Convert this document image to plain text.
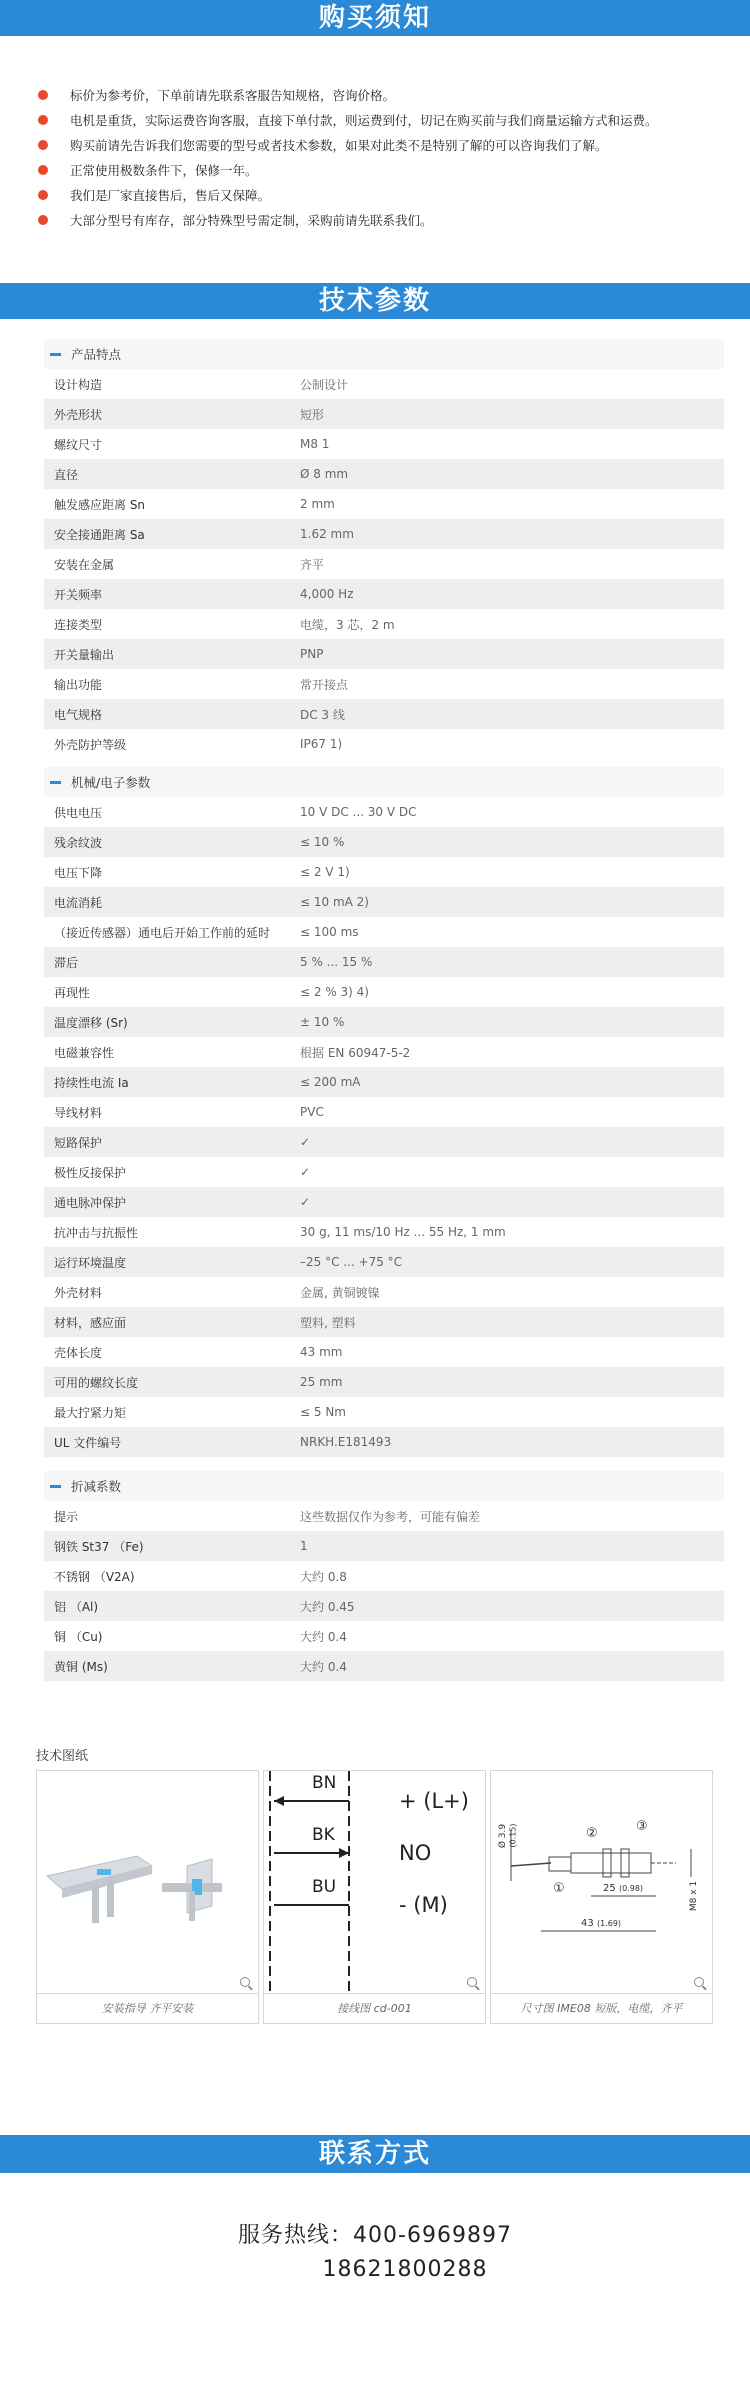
购买须知
标价为参考价，下单前请先联系客服告知规格，咨询价格。
电机是重货，实际运费咨询客服，直接下单付款，则运费到付，切记在购买前与我们商量运输方式和运费。
购买前请先告诉我们您需要的型号或者技术参数，如果对此类不是特别了解的可以咨询我们了解。
正常使用极数条件下，保修一年。
我们是厂家直接售后，售后又保障。
大部分型号有库存，部分特殊型号需定制，采购前请先联系我们。
技术参数
产品特点
设计构造	公制设计
外壳形状	短形
螺纹尺寸	M8 1
直径	Ø 8 mm
触发感应距离 Sn	2 mm
安全接通距离 Sa	1.62 mm
安装在金属	齐平
开关频率	4,000 Hz
连接类型	电缆，3 芯，2 m
开关量输出	PNP
输出功能	常开接点
电气规格	DC 3 线
外壳防护等级	IP67 1)
机械/电子参数
供电电压	10 V DC ... 30 V DC
残余纹波	≤ 10 %
电压下降	≤ 2 V 1)
电流消耗	≤ 10 mA 2)
（接近传感器）通电后开始工作前的延时	≤ 100 ms
滞后	5 % ... 15 %
再现性	≤ 2 % 3) 4)
温度漂移 (Sr)	± 10 %
电磁兼容性	根据 EN 60947-5-2
持续性电流 Ia	≤ 200 mA
导线材料	PVC
短路保护	✓
极性反接保护	✓
通电脉冲保护	✓
抗冲击与抗振性	30 g, 11 ms/10 Hz ... 55 Hz, 1 mm
运行环境温度	–25 °C ... +75 °C
外壳材料	金属, 黄铜镀镍
材料，感应面	塑料, 塑料
壳体长度	43 mm
可用的螺纹长度	25 mm
最大拧紧力矩	≤ 5 Nm
UL 文件编号	NRKH.E181493
折减系数
提示	这些数据仅作为参考，可能有偏差
钢铁 St37 （Fe)	1
不锈钢 （V2A)	大约 0.8
铝 （Al)	大约 0.45
铜 （Cu)	大约 0.4
黄铜 (Ms)	大约 0.4
技术图纸
安装指导 齐平安装
BN
BK
BU
+ (L+)
NO
- (M)
接线图 cd-001
Ø 3.9 (0.15)
①
②	③
25 (0.98)
43 (1.69)
M8 x 1
尺寸图 IME08 短版，电缆，齐平
联系方式
服务热线：400-6969897
18621800288
